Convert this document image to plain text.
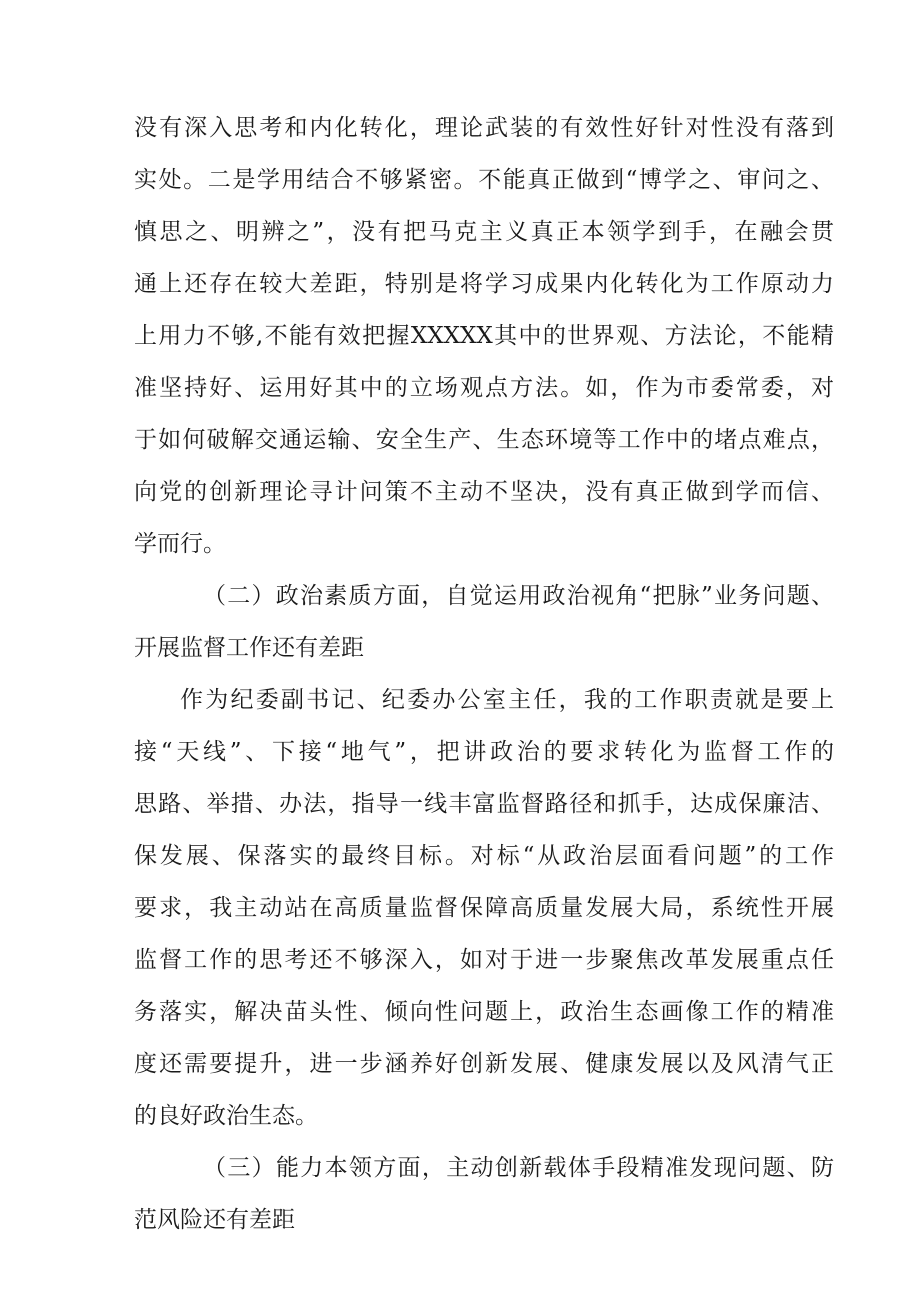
没有深入思考和内化转化，理论武装的有效性好针对性没有落到

实处。二是学用结合不够紧密。不能真正做到“博学之、审问之、

慎思之、明辨之”，没有把马克主义真正本领学到手，在融会贯

通上还存在较大差距，特别是将学习成果内化转化为工作原动力

上用力不够,不能有效把握XXXXX其中的世界观、方法论，不能精

准坚持好、运用好其中的立场观点方法。如，作为市委常委，对

于如何破解交通运输、安全生产、生态环境等工作中的堵点难点，

向党的创新理论寻计问策不主动不坚决，没有真正做到学而信、

学而行。

（二）政治素质方面，自觉运用政治视角“把脉”业务问题、

开展监督工作还有差距

作为纪委副书记、纪委办公室主任，我的工作职责就是要上

接“天线”、下接“地气”，把讲政治的要求转化为监督工作的

思路、举措、办法，指导一线丰富监督路径和抓手，达成保廉洁、

保发展、保落实的最终目标。对标“从政治层面看问题”的工作

要求，我主动站在高质量监督保障高质量发展大局，系统性开展

监督工作的思考还不够深入，如对于进一步聚焦改革发展重点任

务落实，解决苗头性、倾向性问题上，政治生态画像工作的精准

度还需要提升，进一步涵养好创新发展、健康发展以及风清气正

的良好政治生态。

（三）能力本领方面，主动创新载体手段精准发现问题、防

范风险还有差距
